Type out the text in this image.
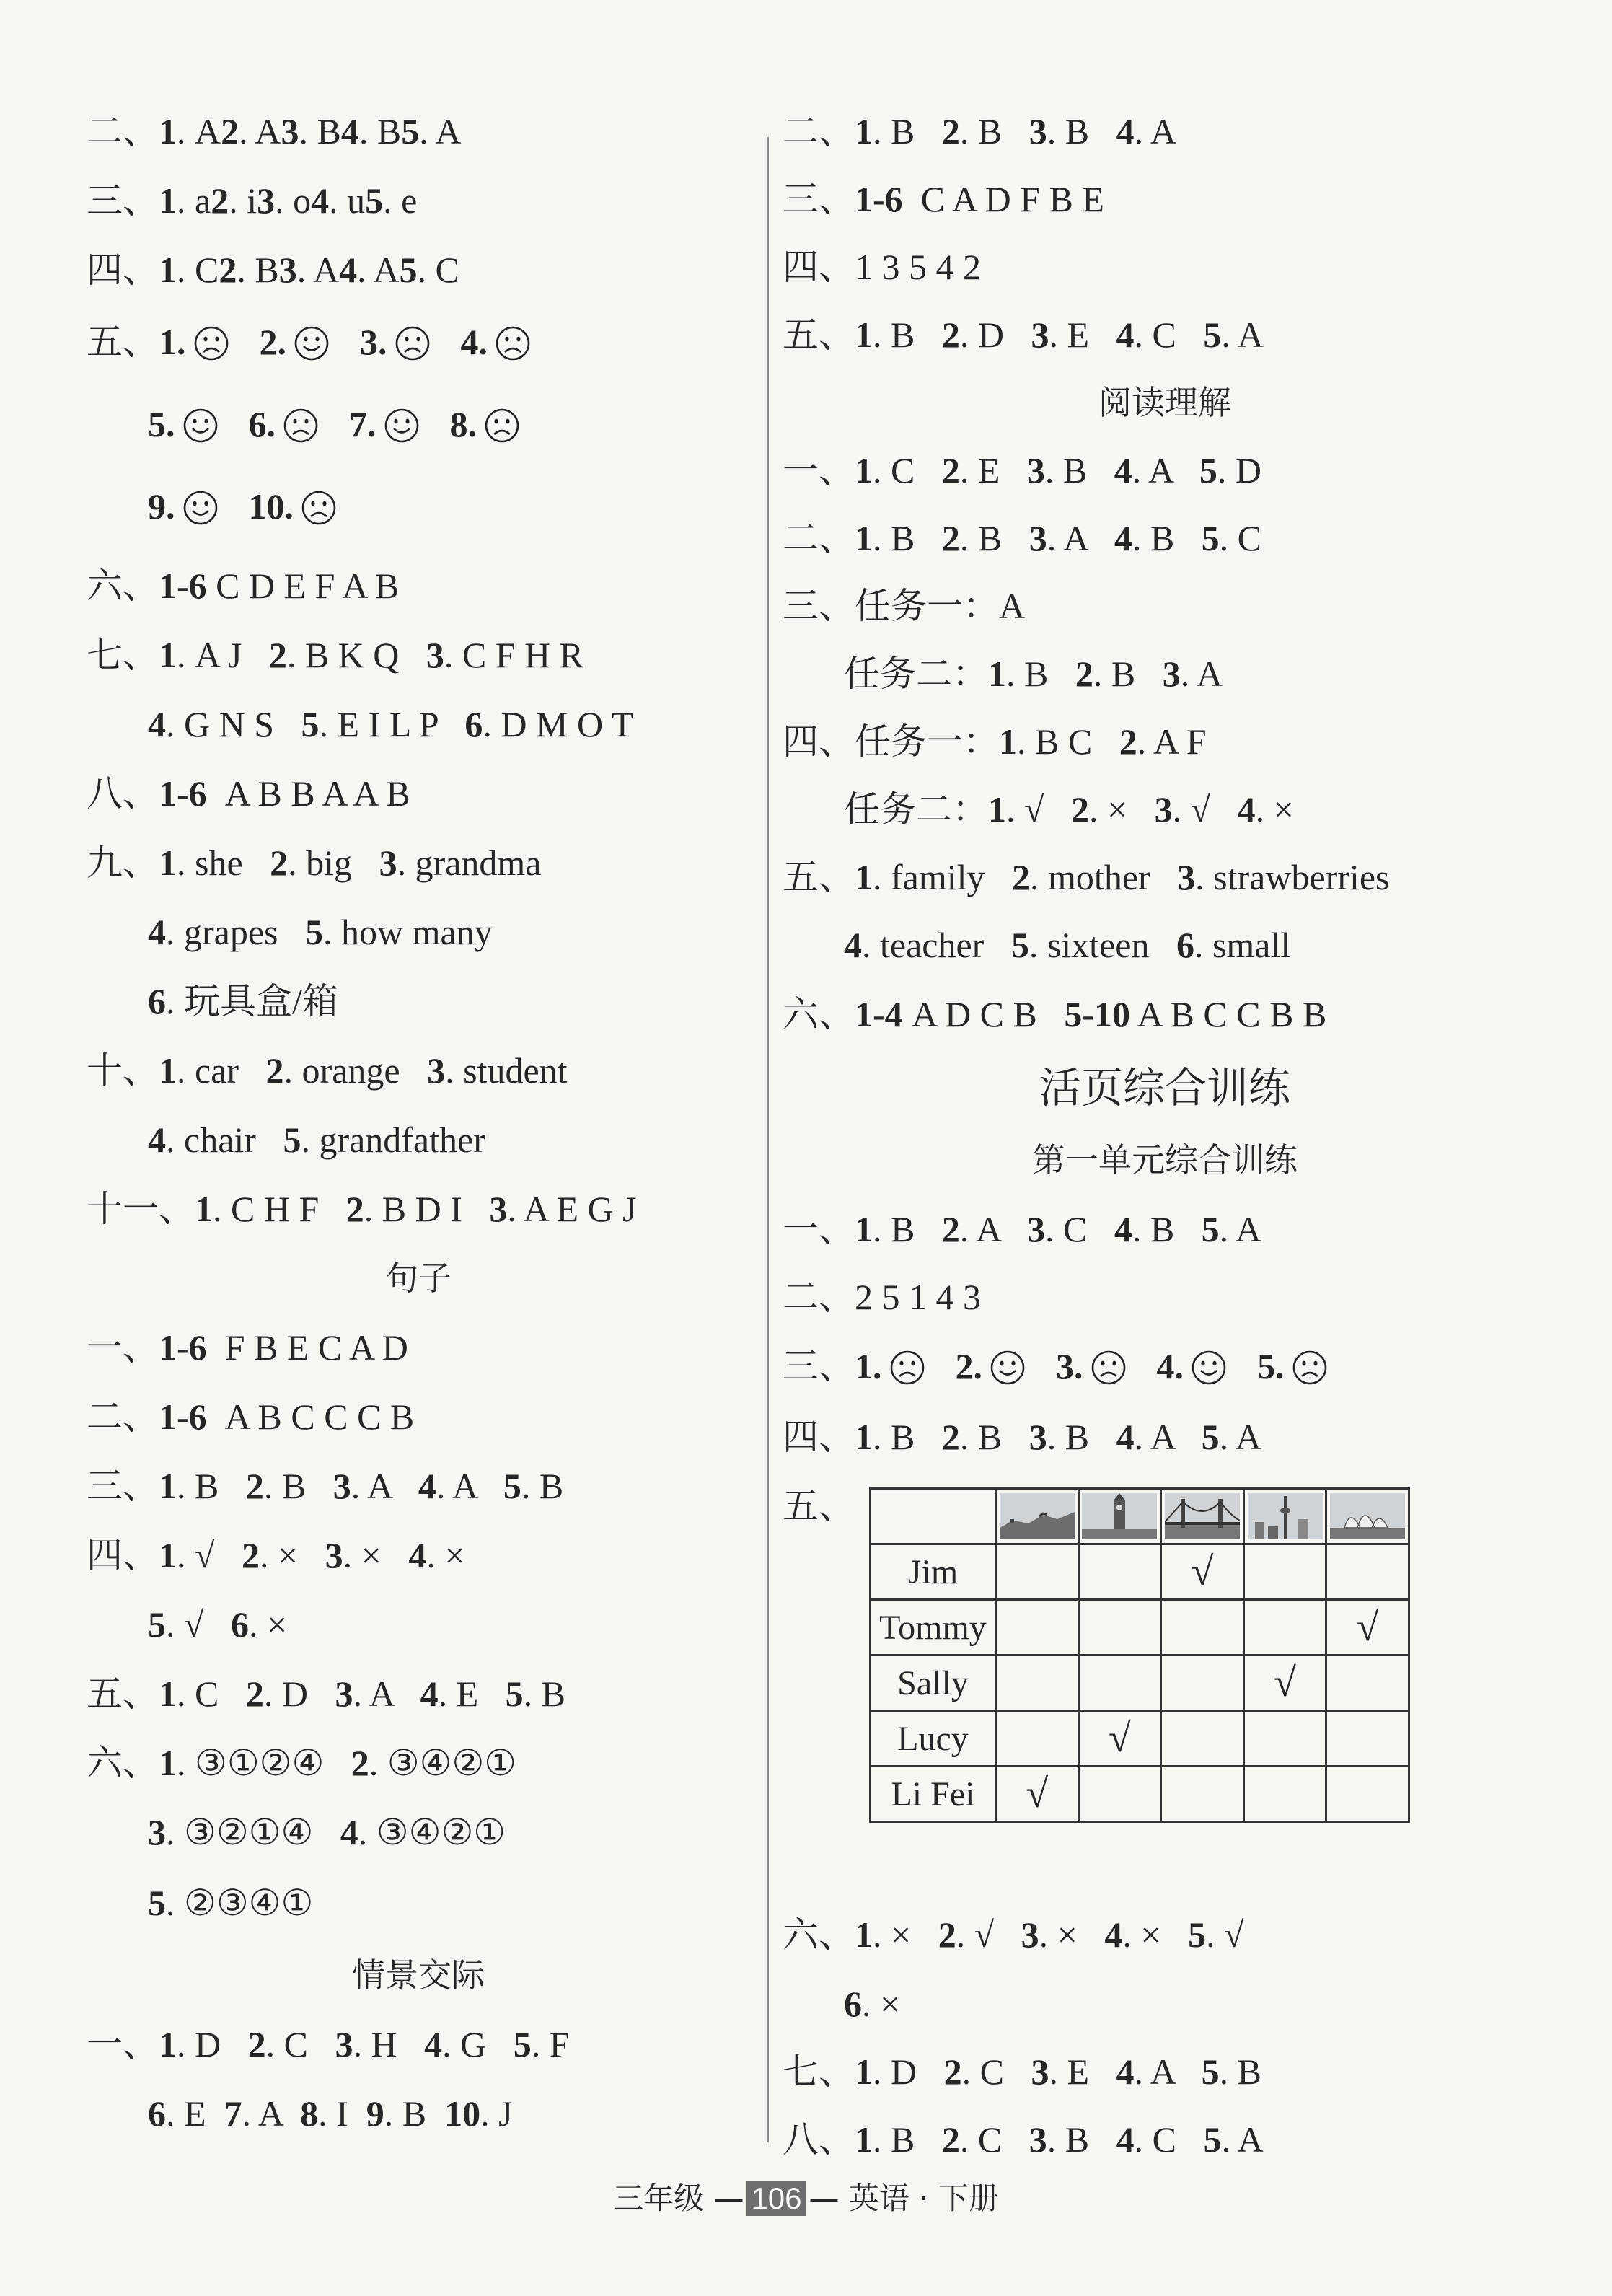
二、1. A2. A3. B4. B5. A
三、1. a2. i3. o4. u5. e
四、1. C2. B3. A4. A5. C
五、1. 2. 3. 4.
5. 6. 7. 8.
9. 10.
六、1-6 C D E F A B
七、1. A J   2. B K Q   3. C F H R
4. G N S   5. E I L P   6. D M O T
八、1-6  A B B A A B
九、1. she   2. big   3. grandma
4. grapes   5. how many
6. 玩具盒/箱
十、1. car   2. orange   3. student
4. chair   5. grandfather
十一、1. C H F   2. B D I   3. A E G J
句子
一、1-6  F B E C A D
二、1-6  A B C C C B
三、1. B   2. B   3. A   4. A   5. B
四、1. √   2. ×   3. ×   4. ×
5. √   6. ×
五、1. C   2. D   3. A   4. E   5. B
六、1. ③①②④   2. ③④②①
3. ③②①④   4. ③④②①
5. ②③④①
情景交际
一、1. D   2. C   3. H   4. G   5. F
6. E  7. A  8. I  9. B  10. J
二、1. B   2. B   3. B   4. A
三、1-6  C A D F B E
四、1 3 5 4 2
五、1. B   2. D   3. E   4. C   5. A
阅读理解
一、1. C   2. E   3. B   4. A   5. D
二、1. B   2. B   3. A   4. B   5. C
三、任务一：A
任务二：1. B   2. B   3. A
四、任务一：1. B C   2. A F
任务二：1. √   2. ×   3. √   4. ×
五、1. family   2. mother   3. strawberries
4. teacher   5. sixteen   6. small
六、1-4 A D C B   5-10 A B C C B B
活页综合训练
第一单元综合训练
一、1. B   2. A   3. C   4. B   5. A
二、2 5 1 4 3
三、1. 2. 3. 4. 5.
四、1. B   2. B   3. B   4. A   5. A
五、

Jim			√		
Tommy					√
Sally				√	
Lucy		√			
Li Fei	√				
六、1. ×   2. √   3. ×   4. ×   5. √
6. ×
七、1. D   2. C   3. E   4. A   5. B
八、1. B   2. C   3. B   4. C   5. A
三年级 — 106 — 英语 · 下册
